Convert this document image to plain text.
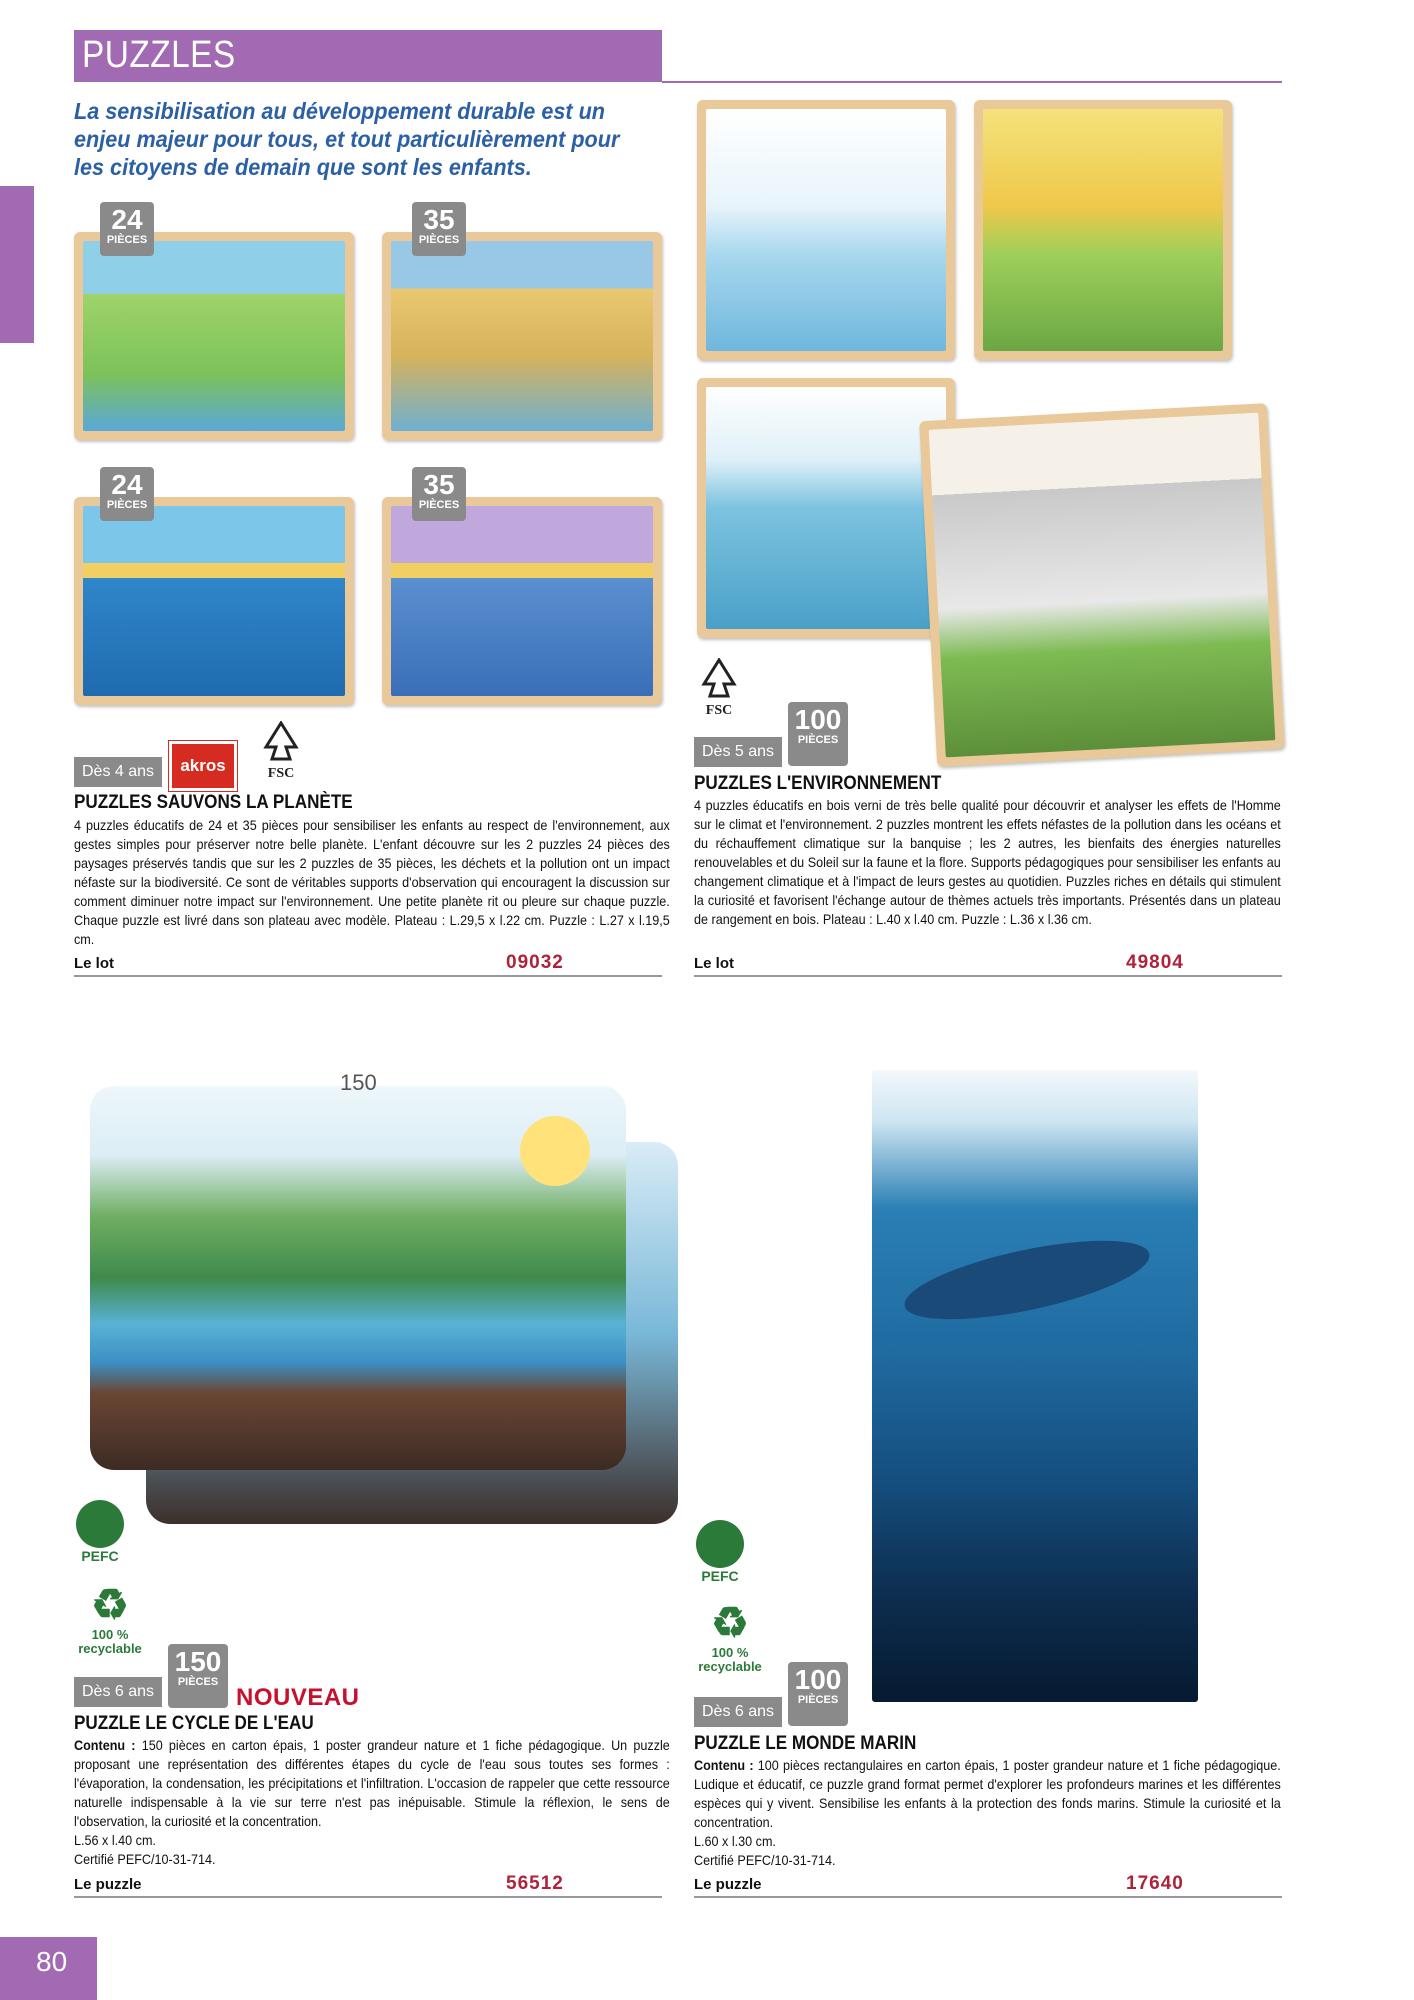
PUZZLES
La sensibilisation au développement durable est un enjeu majeur pour tous, et tout particulièrement pour les citoyens de demain que sont les enfants.
24
PIÈCES
35
PIÈCES
24
PIÈCES
35
PIÈCES
Dès 4 ans	akros	FSC
PUZZLES SAUVONS LA PLANÈTE
4 puzzles éducatifs de 24 et 35 pièces pour sensibiliser les enfants au respect de l'environnement, aux gestes simples pour préserver notre belle planète. L'enfant découvre sur les 2 puzzles 24 pièces des paysages préservés tandis que sur les 2 puzzles de 35 pièces, les déchets et la pollution ont un impact néfaste sur la biodiversité. Ce sont de véritables supports d'observation qui encouragent la discussion sur comment diminuer notre impact sur l'environnement. Une petite planète rit ou pleure sur chaque puzzle. Chaque puzzle est livré dans son plateau avec modèle. Plateau : L.29,5 x l.22 cm. Puzzle : L.27 x l.19,5 cm.
Le lot	09032
FSC
Dès 5 ans
100
PIÈCES
PUZZLES L'ENVIRONNEMENT
4 puzzles éducatifs en bois verni de très belle qualité pour découvrir et analyser les effets de l'Homme sur le climat et l'environnement. 2 puzzles montrent les effets néfastes de la pollution dans les océans et du réchauffement climatique sur la banquise ; les 2 autres, les bienfaits des énergies naturelles renouvelables et du Soleil sur la faune et la flore. Supports pédagogiques pour sensibiliser les enfants au changement climatique et à l'impact de leurs gestes au quotidien. Puzzles riches en détails qui stimulent la curiosité et favorisent l'échange autour de thèmes actuels très importants. Présentés dans un plateau de rangement en bois. Plateau : L.40 x l.40 cm. Puzzle : L.36 x l.36 cm.
Le lot	49804
150
PEFC
♻
100 %
recyclable
Dès 6 ans
150
PIÈCES
NOUVEAU
PUZZLE LE CYCLE DE L'EAU
Contenu : 150 pièces en carton épais, 1 poster grandeur nature et 1 fiche pédagogique. Un puzzle proposant une représentation des différentes étapes du cycle de l'eau sous toutes ses formes : l'évaporation, la condensation, les précipitations et l'infiltration. L'occasion de rappeler que cette ressource naturelle indispensable à la vie sur terre n'est pas inépuisable. Stimule la réflexion, le sens de l'observation, la curiosité et la concentration.
L.56 x l.40 cm.
Certifié PEFC/10-31-714.
Le puzzle	56512
PEFC
♻
100 %
recyclable
Dès 6 ans
100
PIÈCES
PUZZLE LE MONDE MARIN
Contenu : 100 pièces rectangulaires en carton épais, 1 poster grandeur nature et 1 fiche pédagogique. Ludique et éducatif, ce puzzle grand format permet d'explorer les profondeurs marines et les différentes espèces qui y vivent. Sensibilise les enfants à la protection des fonds marins. Stimule la curiosité et la concentration.
L.60 x l.30 cm.
Certifié PEFC/10-31-714.
Le puzzle	17640
80
